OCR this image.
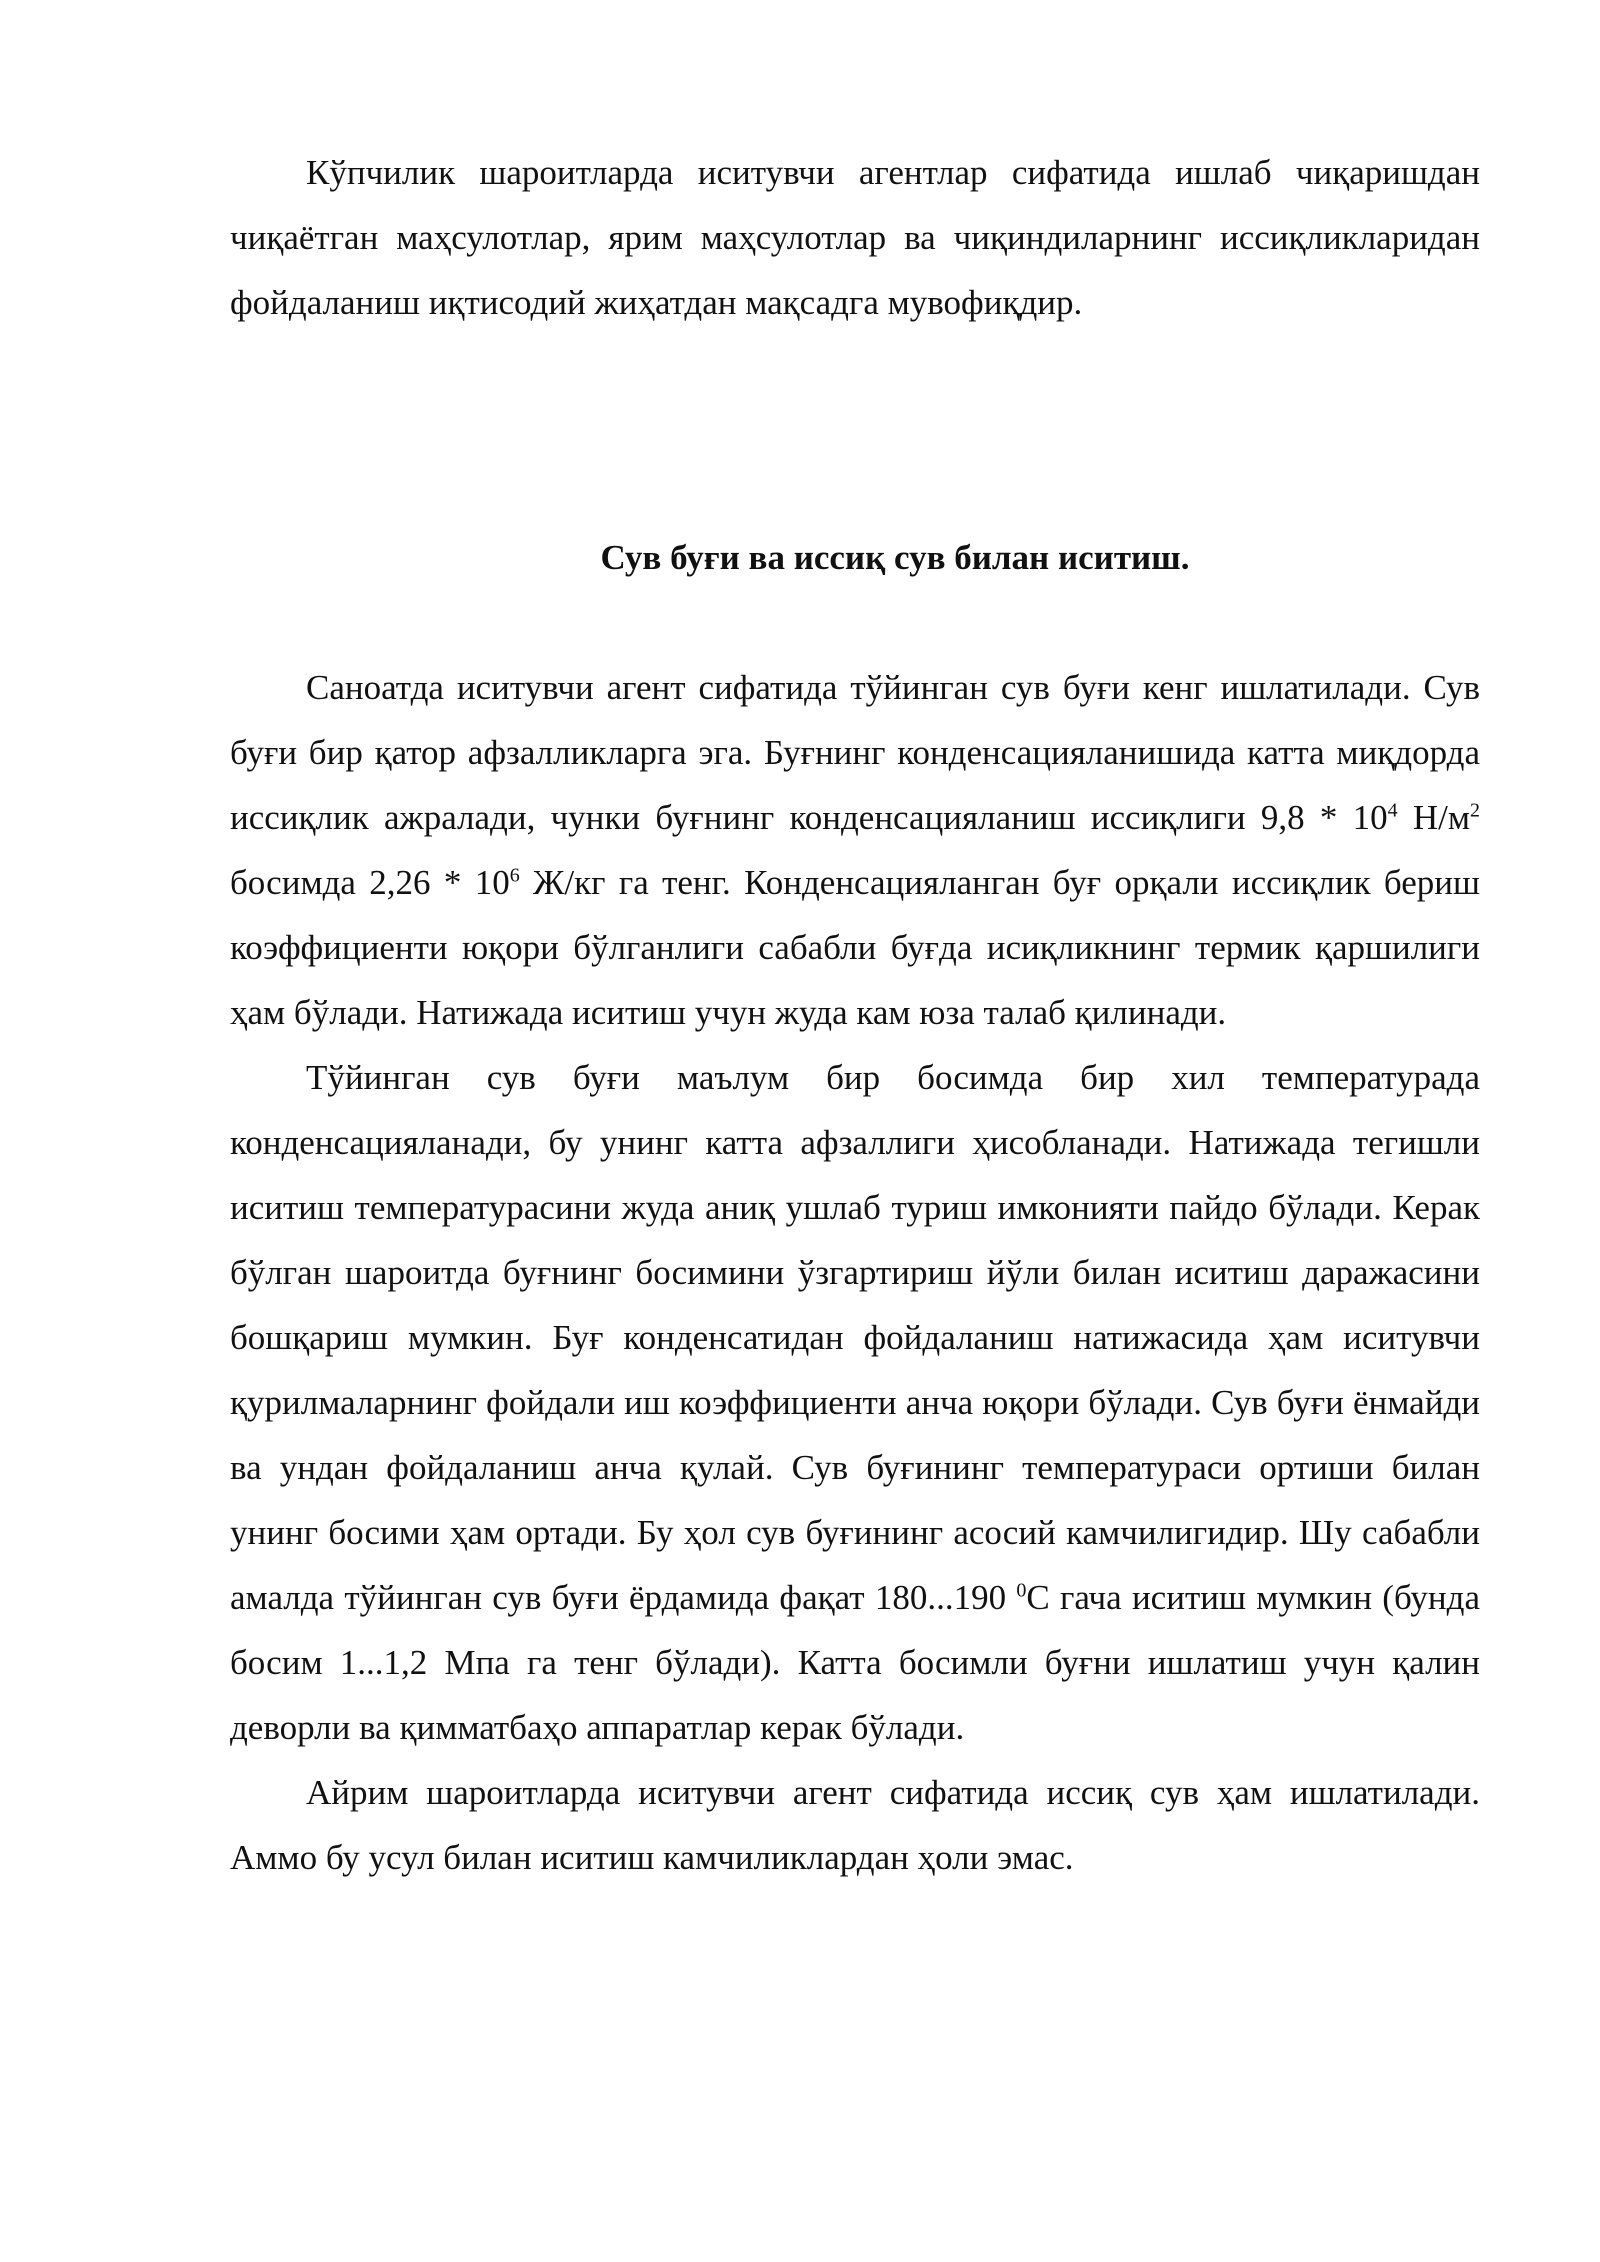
Кўпчилик шароитларда иситувчи агентлар сифатида ишлаб чиқаришдан чиқаётган маҳсулотлар, ярим маҳсулотлар ва чиқиндиларнинг иссиқликларидан фойдаланиш иқтисодий жиҳатдан мақсадга мувофиқдир.

Сув буғи ва иссиқ сув билан иситиш.

Саноатда иситувчи агент сифатида тўйинган сув буғи кенг ишлатилади. Сув буғи бир қатор афзалликларга эга. Буғнинг конденсацияланишида катта миқдорда иссиқлик ажралади, чунки буғнинг конденсацияланиш иссиқлиги $9,8 * 10^4$ $Н/м^2$ босимда $2,26 * 10^6$ Ж/кг га тенг. Конденсацияланган буғ орқали иссиқлик бериш коэффициенти юқори бўлганлиги сабабли буғда исиқликнинг термик қаршилиги ҳам бўлади. Натижада иситиш учун жуда кам юза талаб қилинади.

Тўйинган сув буғи маълум бир босимда бир хил температурада конденсацияланади, бу унинг катта афзаллиги ҳисобланади. Натижада тегишли иситиш температурасини жуда аниқ ушлаб туриш имконияти пайдо бўлади. Керак бўлган шароитда буғнинг босимини ўзгартириш йўли билан иситиш даражасини бошқариш мумкин. Буғ конденсатидан фойдаланиш натижасида ҳам иситувчи қурилмаларнинг фойдали иш коэффициенти анча юқори бўлади. Сув буғи ёнмайди ва ундан фойдаланиш анча қулай. Сув буғининг температураси ортиши билан унинг босими ҳам ортади. Бу ҳол сув буғининг асосий камчилигидир. Шу сабабли амалда тўйинган сув буғи ёрдамида фақат 180...190 $^0$С гача иситиш мумкин (бунда босим 1...1,2 Мпа га тенг бўлади). Катта босимли буғни ишлатиш учун қалин деворли ва қимматбаҳо аппаратлар керак бўлади.

Айрим шароитларда иситувчи агент сифатида иссиқ сув ҳам ишлатилади. Аммо бу усул билан иситиш камчиликлардан ҳоли эмас.
